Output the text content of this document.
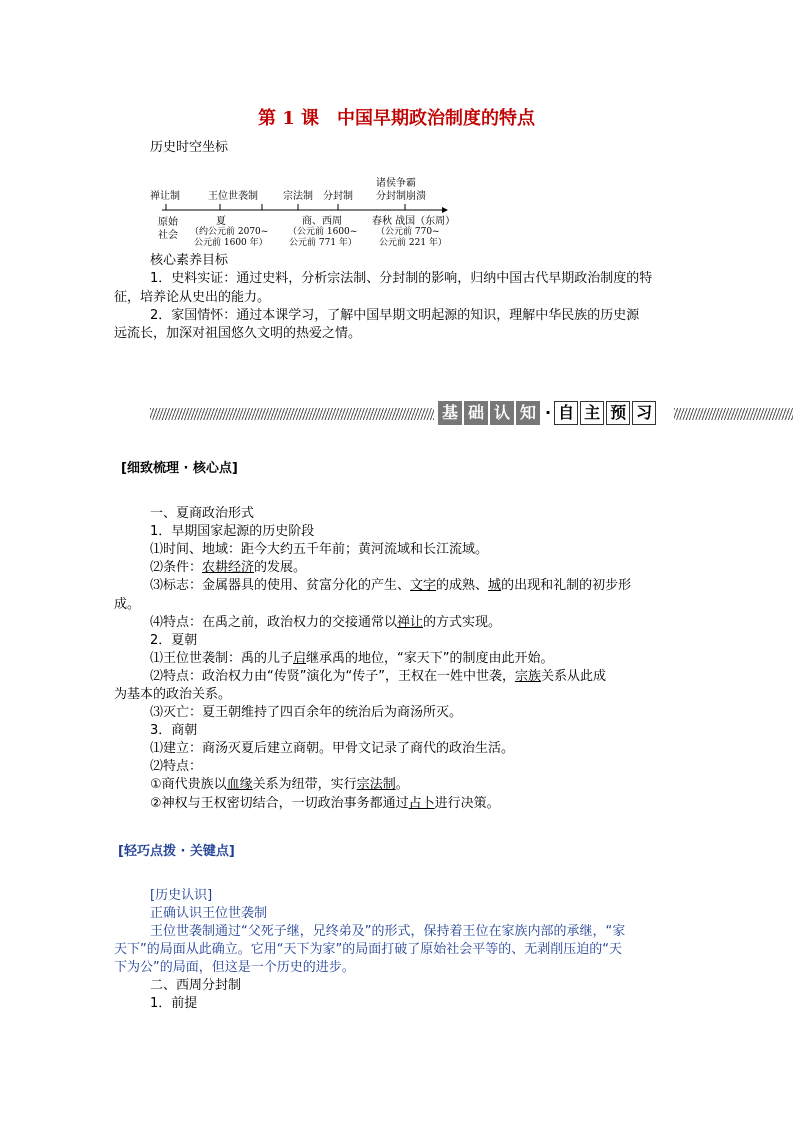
第 1 课　中国早期政治制度的特点
历史时空坐标
禅让制	王位世袭制	宗法制 分封制
诸侯争霸
分封制崩溃
原始
社会
夏
（约公元前 2070~
公元前 1600 年）
商、西周
（公元前 1600~
公元前 771 年）
春秋 战国（东周）
（公元前 770~
公元前 221 年）
核心素养目标
1．史料实证：通过史料，分析宗法制、分封制的影响，归纳中国古代早期政治制度的特
征，培养论从史出的能力。
2．家国情怀：通过本课学习，了解中国早期文明起源的知识，理解中华民族的历史源
远流长，加深对祖国悠久文明的热爱之情。
基 础 认 知 · 自 主 预 习
[细致梳理 · 核心点]
一、夏商政治形式
1．早期国家起源的历史阶段
⑴时间、地域：距今大约五千年前；黄河流域和长江流域。
⑵条件：农耕经济的发展。
⑶标志：金属器具的使用、贫富分化的产生、文字的成熟、城的出现和礼制的初步形
成。
⑷特点：在禹之前，政治权力的交接通常以禅让的方式实现。
2．夏朝
⑴王位世袭制：禹的儿子启继承禹的地位，“家天下”的制度由此开始。
⑵特点：政治权力由“传贤”演化为“传子”，王权在一姓中世袭，宗族关系从此成
为基本的政治关系。
⑶灭亡：夏王朝维持了四百余年的统治后为商汤所灭。
3．商朝
⑴建立：商汤灭夏后建立商朝。甲骨文记录了商代的政治生活。
⑵特点：
①商代贵族以血缘关系为纽带，实行宗法制。
②神权与王权密切结合，一切政治事务都通过占卜进行决策。
[轻巧点拨 · 关键点]
[历史认识]
正确认识王位世袭制
王位世袭制通过“父死子继，兄终弟及”的形式，保持着王位在家族内部的承继，“家
天下”的局面从此确立。它用“天下为家”的局面打破了原始社会平等的、无剥削压迫的“天
下为公”的局面，但这是一个历史的进步。
二、西周分封制
1．前提
